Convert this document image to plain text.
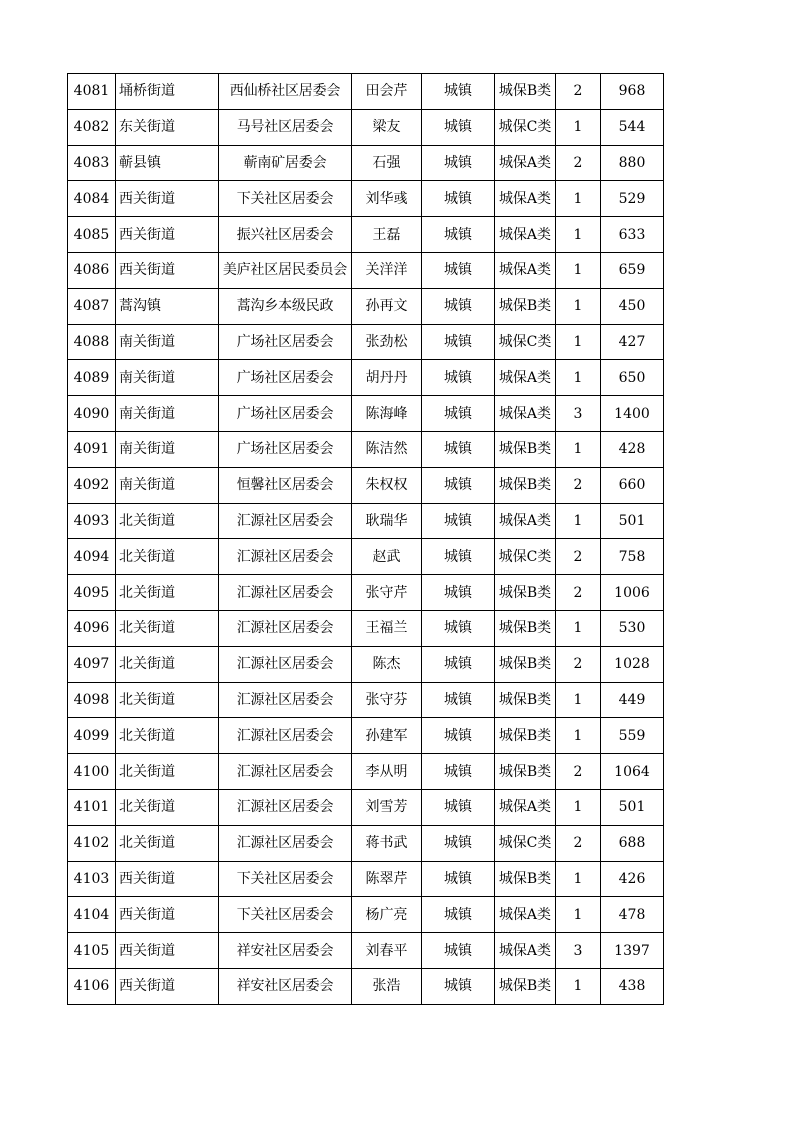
4081	埇桥街道	西仙桥社区居委会	田会芹	城镇	城保B类	2	968
4082	东关街道	马号社区居委会	梁友	城镇	城保C类	1	544
4083	蕲县镇	蕲南矿居委会	石强	城镇	城保A类	2	880
4084	西关街道	下关社区居委会	刘华彧	城镇	城保A类	1	529
4085	西关街道	振兴社区居委会	王磊	城镇	城保A类	1	633
4086	西关街道	美庐社区居民委员会	关洋洋	城镇	城保A类	1	659
4087	蒿沟镇	蒿沟乡本级民政	孙再文	城镇	城保B类	1	450
4088	南关街道	广场社区居委会	张劲松	城镇	城保C类	1	427
4089	南关街道	广场社区居委会	胡丹丹	城镇	城保A类	1	650
4090	南关街道	广场社区居委会	陈海峰	城镇	城保A类	3	1400
4091	南关街道	广场社区居委会	陈洁然	城镇	城保B类	1	428
4092	南关街道	恒馨社区居委会	朱权权	城镇	城保B类	2	660
4093	北关街道	汇源社区居委会	耿瑞华	城镇	城保A类	1	501
4094	北关街道	汇源社区居委会	赵武	城镇	城保C类	2	758
4095	北关街道	汇源社区居委会	张守芹	城镇	城保B类	2	1006
4096	北关街道	汇源社区居委会	王福兰	城镇	城保B类	1	530
4097	北关街道	汇源社区居委会	陈杰	城镇	城保B类	2	1028
4098	北关街道	汇源社区居委会	张守芬	城镇	城保B类	1	449
4099	北关街道	汇源社区居委会	孙建军	城镇	城保B类	1	559
4100	北关街道	汇源社区居委会	李从明	城镇	城保B类	2	1064
4101	北关街道	汇源社区居委会	刘雪芳	城镇	城保A类	1	501
4102	北关街道	汇源社区居委会	蒋书武	城镇	城保C类	2	688
4103	西关街道	下关社区居委会	陈翠芹	城镇	城保B类	1	426
4104	西关街道	下关社区居委会	杨广亮	城镇	城保A类	1	478
4105	西关街道	祥安社区居委会	刘春平	城镇	城保A类	3	1397
4106	西关街道	祥安社区居委会	张浩	城镇	城保B类	1	438
